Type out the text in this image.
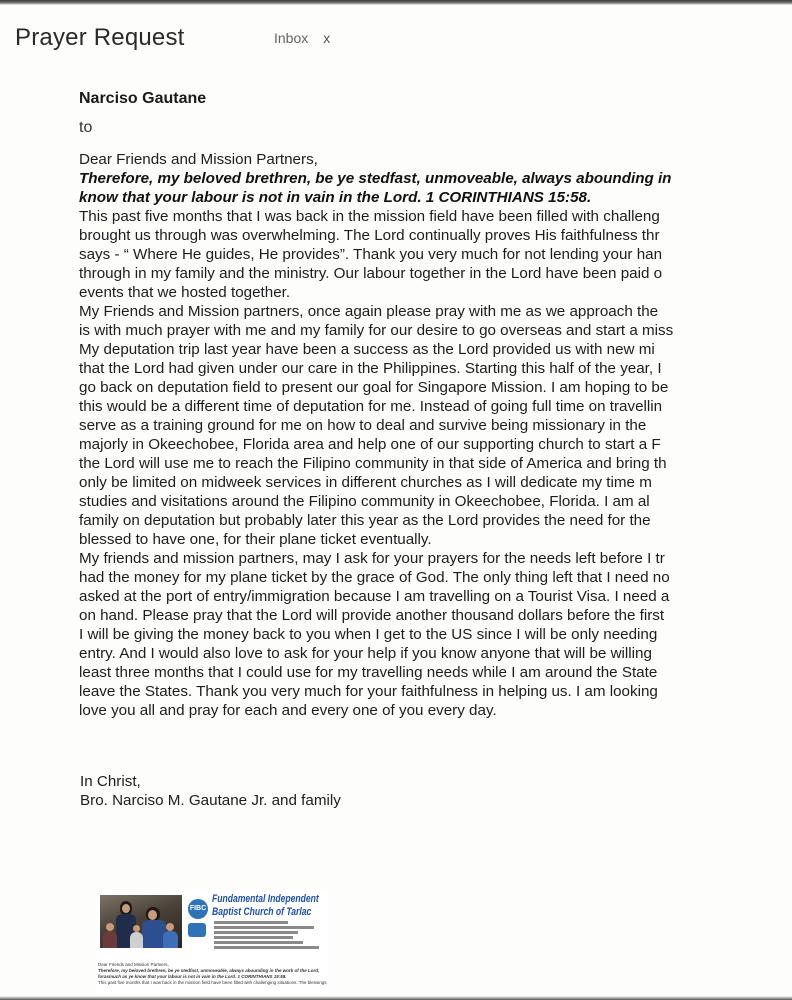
Prayer Request	Inbox x
Narciso Gautane
to
Dear Friends and Mission Partners,
Therefore, my beloved brethren, be ye stedfast, unmoveable, always abounding in
know that your labour is not in vain in the Lord. 1 CORINTHIANS 15:58.
This past five months that I was back in the mission field have been filled with challeng
brought us through was overwhelming. The Lord continually proves His faithfulness thr
says - “ Where He guides, He provides”. Thank you very much for not lending your han
through in my family and the ministry. Our labour together in the Lord have been paid o
events that we hosted together.
My Friends and Mission partners, once again please pray with me as we approach the
is with much prayer with me and my family for our desire to go overseas and start a miss
My deputation trip last year have been a success as the Lord provided us with new mi
that the Lord had given under our care in the Philippines. Starting this half of the year, I
go back on deputation field to present our goal for Singapore Mission. I am hoping to be
this would be a different time of deputation for me. Instead of going full time on travellin
serve as a training ground for me on how to deal and survive being missionary in the
majorly in Okeechobee, Florida area and help one of our supporting church to start a F
the Lord will use me to reach the Filipino community in that side of America and bring th
only be limited on midweek services in different churches as I will dedicate my time m
studies and visitations around the Filipino community in Okeechobee, Florida. I am al
family on deputation but probably later this year as the Lord provides the need for the
blessed to have one, for their plane ticket eventually.
My friends and mission partners, may I ask for your prayers for the needs left before I tr
had the money for my plane ticket by the grace of God. The only thing left that I need no
asked at the port of entry/immigration because I am travelling on a Tourist Visa. I need a
on hand. Please pray that the Lord will provide another thousand dollars before the first
I will be giving the money back to you when I get to the US since I will be only needing
entry. And I would also love to ask for your help if you know anyone that will be willing
least three months that I could use for my travelling needs while I am around the State
leave the States. Thank you very much for your faithfulness in helping us. I am looking
love you all and pray for each and every one of you every day.
In Christ,
Bro. Narciso M. Gautane Jr. and family
FIBC
Fundamental Independent
Baptist Church of Tarlac
Dear Friends and Mission Partners,
Therefore, my beloved brethren, be ye stedfast, unmoveable, always abounding in the work of the Lord,
forasmuch as ye know that your labour is not in vain in the Lord. 1 CORINTHIANS 15:58.
This past five months that I was back in the mission field have been filled with challenging situations. The blessings
